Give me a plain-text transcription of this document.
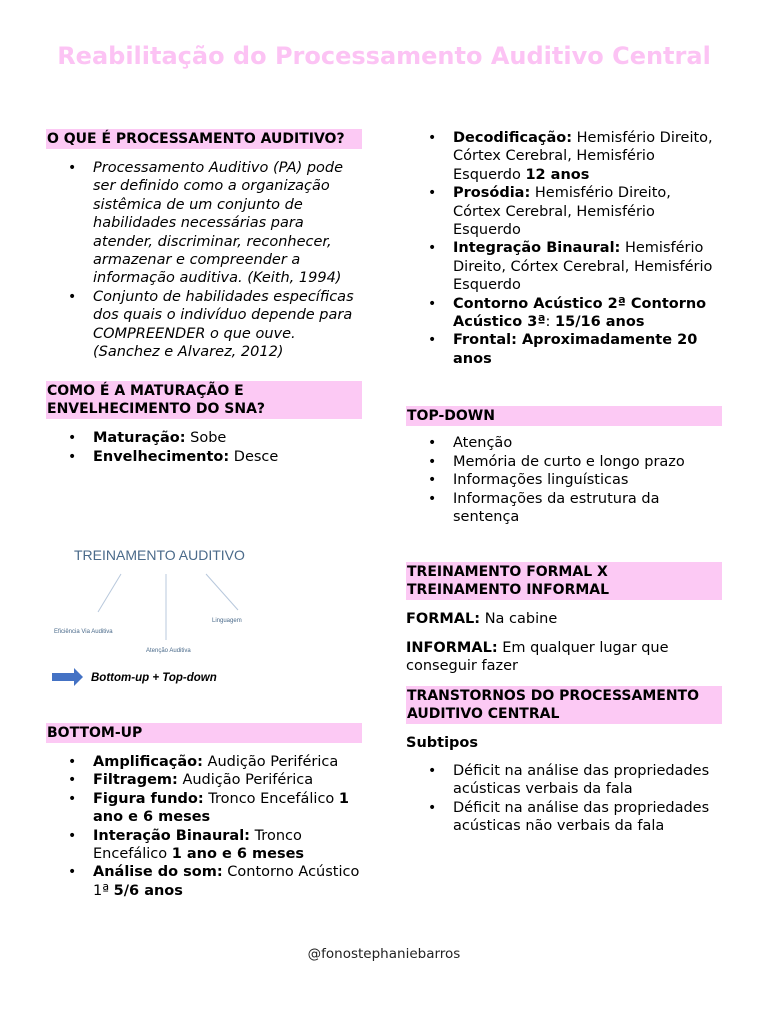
Reabilitação do Processamento Auditivo Central
O QUE É PROCESSAMENTO AUDITIVO?
• Processamento Auditivo (PA) pode ser definido como a organização sistêmica de um conjunto de habilidades necessárias para atender, discriminar, reconhecer, armazenar e compreender a informação auditiva. (Keith, 1994)
• Conjunto de habilidades específicas dos quais o indivíduo depende para COMPREENDER o que ouve. (Sanchez e Alvarez, 2012)
COMO É A MATURAÇÃO E ENVELHECIMENTO DO SNA?
• Maturação: Sobe
• Envelhecimento: Desce
TREINAMENTO AUDITIVO
Eficiência Via Auditiva
Atenção Auditiva
Linguagem
Bottom-up + Top-down
BOTTOM-UP
• Amplificação: Audição Periférica
• Filtragem: Audição Periférica
• Figura fundo: Tronco Encefálico 1 ano e 6 meses
• Interação Binaural: Tronco Encefálico 1 ano e 6 meses
• Análise do som: Contorno Acústico 1ª 5/6 anos
• Decodificação: Hemisfério Direito, Córtex Cerebral, Hemisfério Esquerdo 12 anos
• Prosódia: Hemisfério Direito, Córtex Cerebral, Hemisfério Esquerdo
• Integração Binaural: Hemisfério Direito, Córtex Cerebral, Hemisfério Esquerdo
• Contorno Acústico 2ª Contorno Acústico 3ª: 15/16 anos
• Frontal: Aproximadamente 20 anos
TOP-DOWN
• Atenção
• Memória de curto e longo prazo
• Informações linguísticas
• Informações da estrutura da sentença
TREINAMENTO FORMAL X TREINAMENTO INFORMAL

FORMAL: Na cabine

INFORMAL: Em qualquer lugar que conseguir fazer

TRANSTORNOS DO PROCESSAMENTO AUDITIVO CENTRAL

Subtipos

• Déficit na análise das propriedades acústicas verbais da fala
• Déficit na análise das propriedades acústicas não verbais da fala
@fonostephaniebarros
